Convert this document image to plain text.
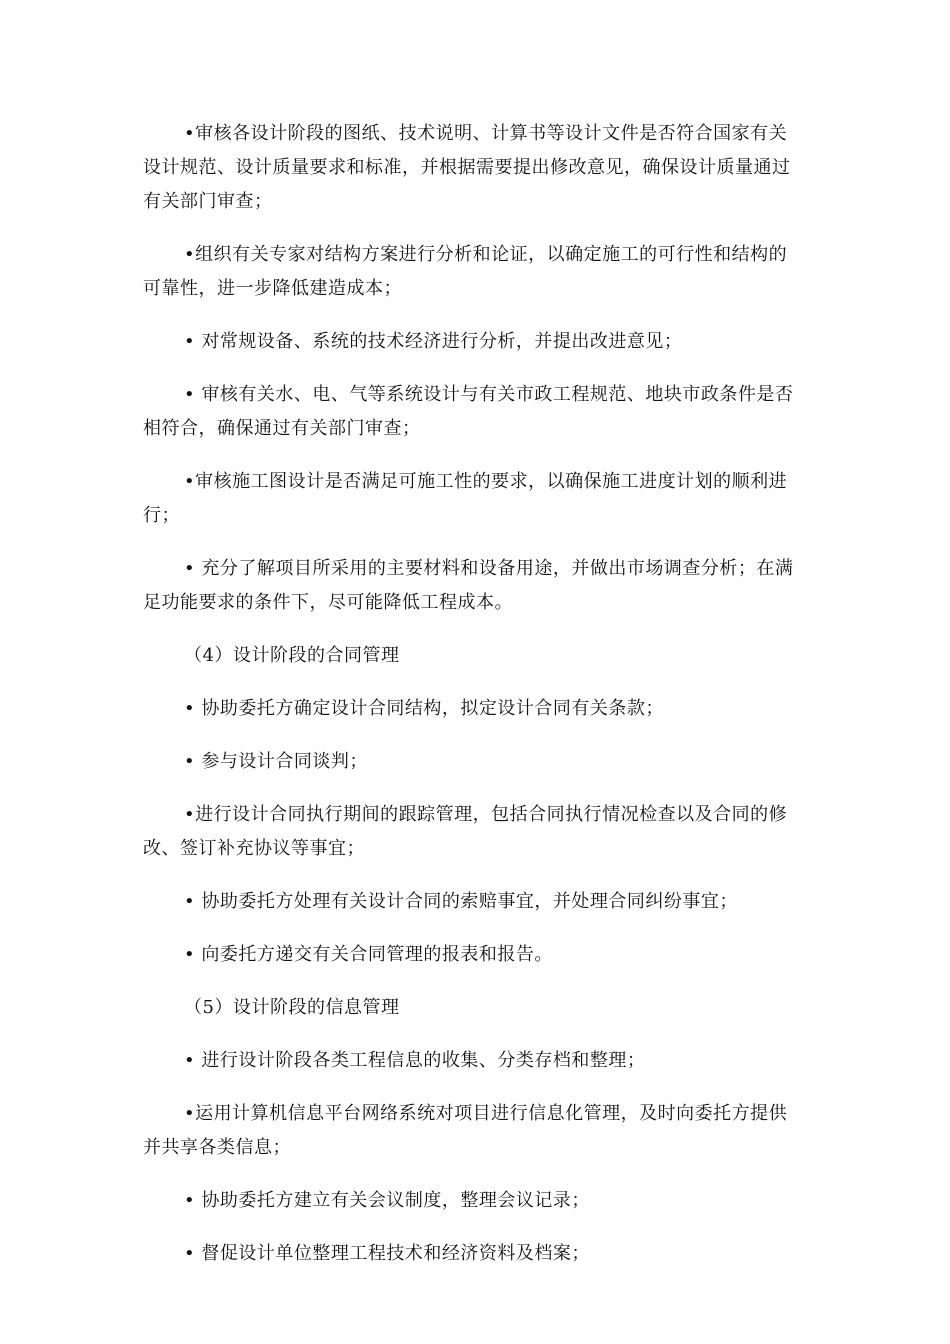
•审核各设计阶段的图纸、技术说明、计算书等设计文件是否符合国家有关
设计规范、设计质量要求和标准，并根据需要提出修改意见，确保设计质量通过
有关部门审查；

•组织有关专家对结构方案进行分析和论证，以确定施工的可行性和结构的
可靠性，进一步降低建造成本；

• 对常规设备、系统的技术经济进行分析，并提出改进意见；

• 审核有关水、电、气等系统设计与有关市政工程规范、地块市政条件是否
相符合，确保通过有关部门审查；

•审核施工图设计是否满足可施工性的要求，以确保施工进度计划的顺利进
行；

• 充分了解项目所采用的主要材料和设备用途，并做出市场调查分析；在满
足功能要求的条件下，尽可能降低工程成本。

（4）设计阶段的合同管理

• 协助委托方确定设计合同结构，拟定设计合同有关条款；

• 参与设计合同谈判；

•进行设计合同执行期间的跟踪管理，包括合同执行情况检查以及合同的修
改、签订补充协议等事宜；

• 协助委托方处理有关设计合同的索赔事宜，并处理合同纠纷事宜；

• 向委托方递交有关合同管理的报表和报告。

（5）设计阶段的信息管理

• 进行设计阶段各类工程信息的收集、分类存档和整理；

•运用计算机信息平台网络系统对项目进行信息化管理，及时向委托方提供
并共享各类信息；

• 协助委托方建立有关会议制度，整理会议记录；

• 督促设计单位整理工程技术和经济资料及档案；
